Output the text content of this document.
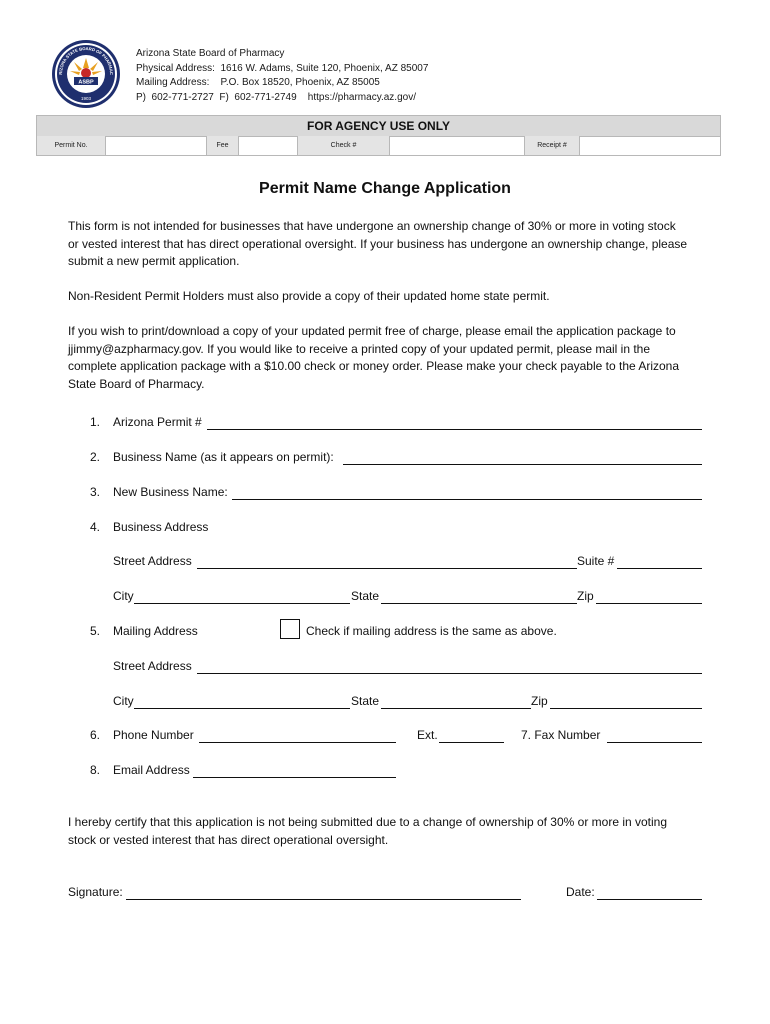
ASBP
RIZONA STATE BOARD OF PHARMAC
1903
Arizona State Board of Pharmacy
Physical Address:  1616 W. Adams, Suite 120, Phoenix, AZ 85007
Mailing Address:    P.O. Box 18520, Phoenix, AZ 85005
P)  602-771-2727  F)  602-771-2749    https://pharmacy.az.gov/
FOR AGENCY USE ONLY
Permit No.	Fee	Check #	Receipt #
Permit Name Change Application
This form is not intended for businesses that have undergone an ownership change of 30% or more in voting stock or vested interest that has direct operational oversight. If your business has undergone an ownership change, please submit a new permit application.
Non-Resident Permit Holders must also provide a copy of their updated home state permit.
If you wish to print/download a copy of your updated permit free of charge, please email the application package to jjimmy@azpharmacy.gov. If you would like to receive a printed copy of your updated permit, please mail in the complete application package with a $10.00 check or money order. Please make your check payable to the Arizona State Board of Pharmacy.
1. Arizona Permit #
2. Business Name (as it appears on permit):
3. New Business Name:
4. Business Address
Street Address	Suite #
City	State	Zip
5. Mailing Address	Check if mailing address is the same as above.
Street Address
City	State	Zip
6. Phone Number	Ext.	7. Fax Number
8. Email Address
I hereby certify that this application is not being submitted due to a change of ownership of 30% or more in voting stock or vested interest that has direct operational oversight.
Signature:	Date:
